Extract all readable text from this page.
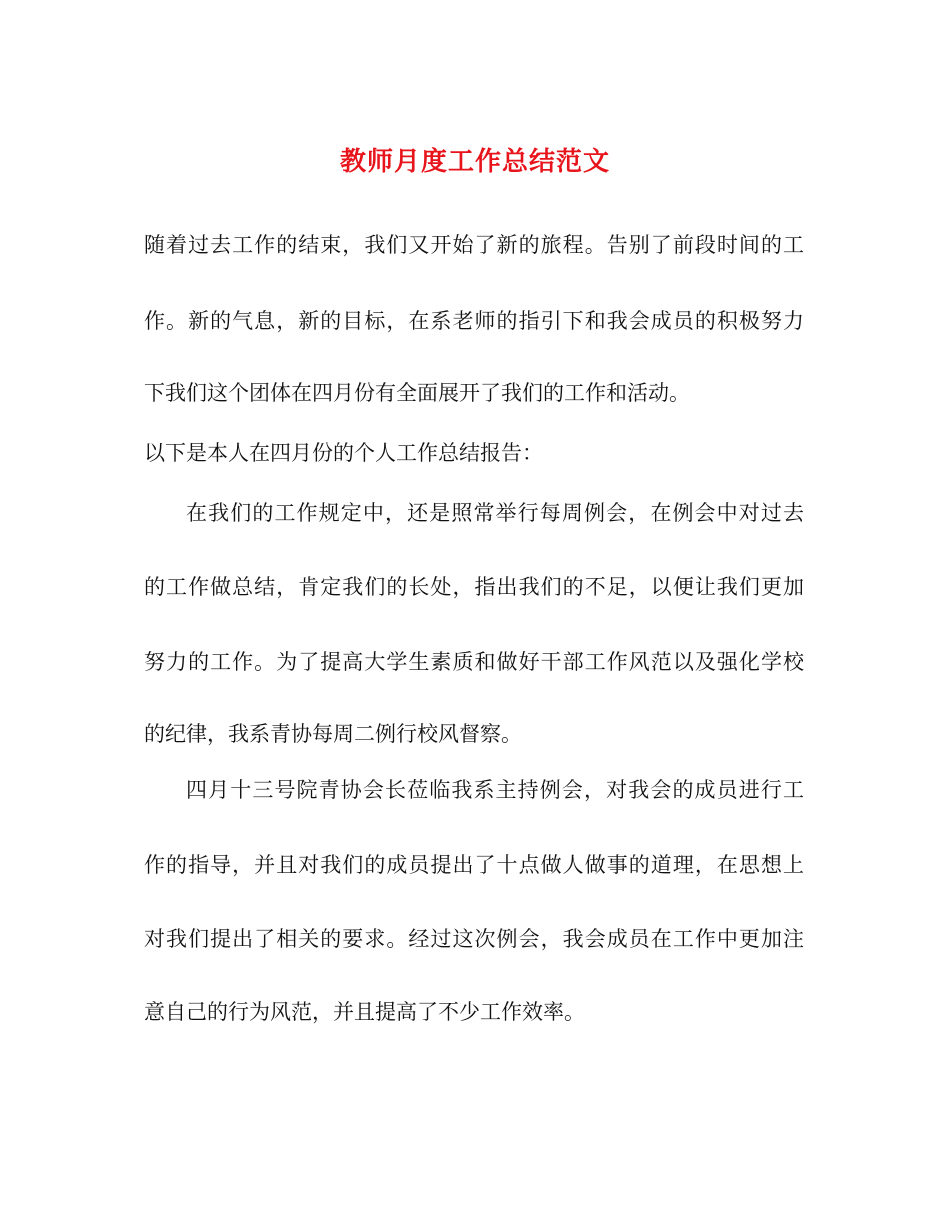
教师月度工作总结范文
随着过去工作的结束，我们又开始了新的旅程。告别了前段时间的工
作。新的气息，新的目标，在系老师的指引下和我会成员的积极努力
下我们这个团体在四月份有全面展开了我们的工作和活动。
以下是本人在四月份的个人工作总结报告：
在我们的工作规定中，还是照常举行每周例会，在例会中对过去
的工作做总结，肯定我们的长处，指出我们的不足，以便让我们更加
努力的工作。为了提高大学生素质和做好干部工作风范以及强化学校
的纪律，我系青协每周二例行校风督察。
四月十三号院青协会长莅临我系主持例会，对我会的成员进行工
作的指导，并且对我们的成员提出了十点做人做事的道理，在思想上
对我们提出了相关的要求。经过这次例会，我会成员在工作中更加注
意自己的行为风范，并且提高了不少工作效率。
